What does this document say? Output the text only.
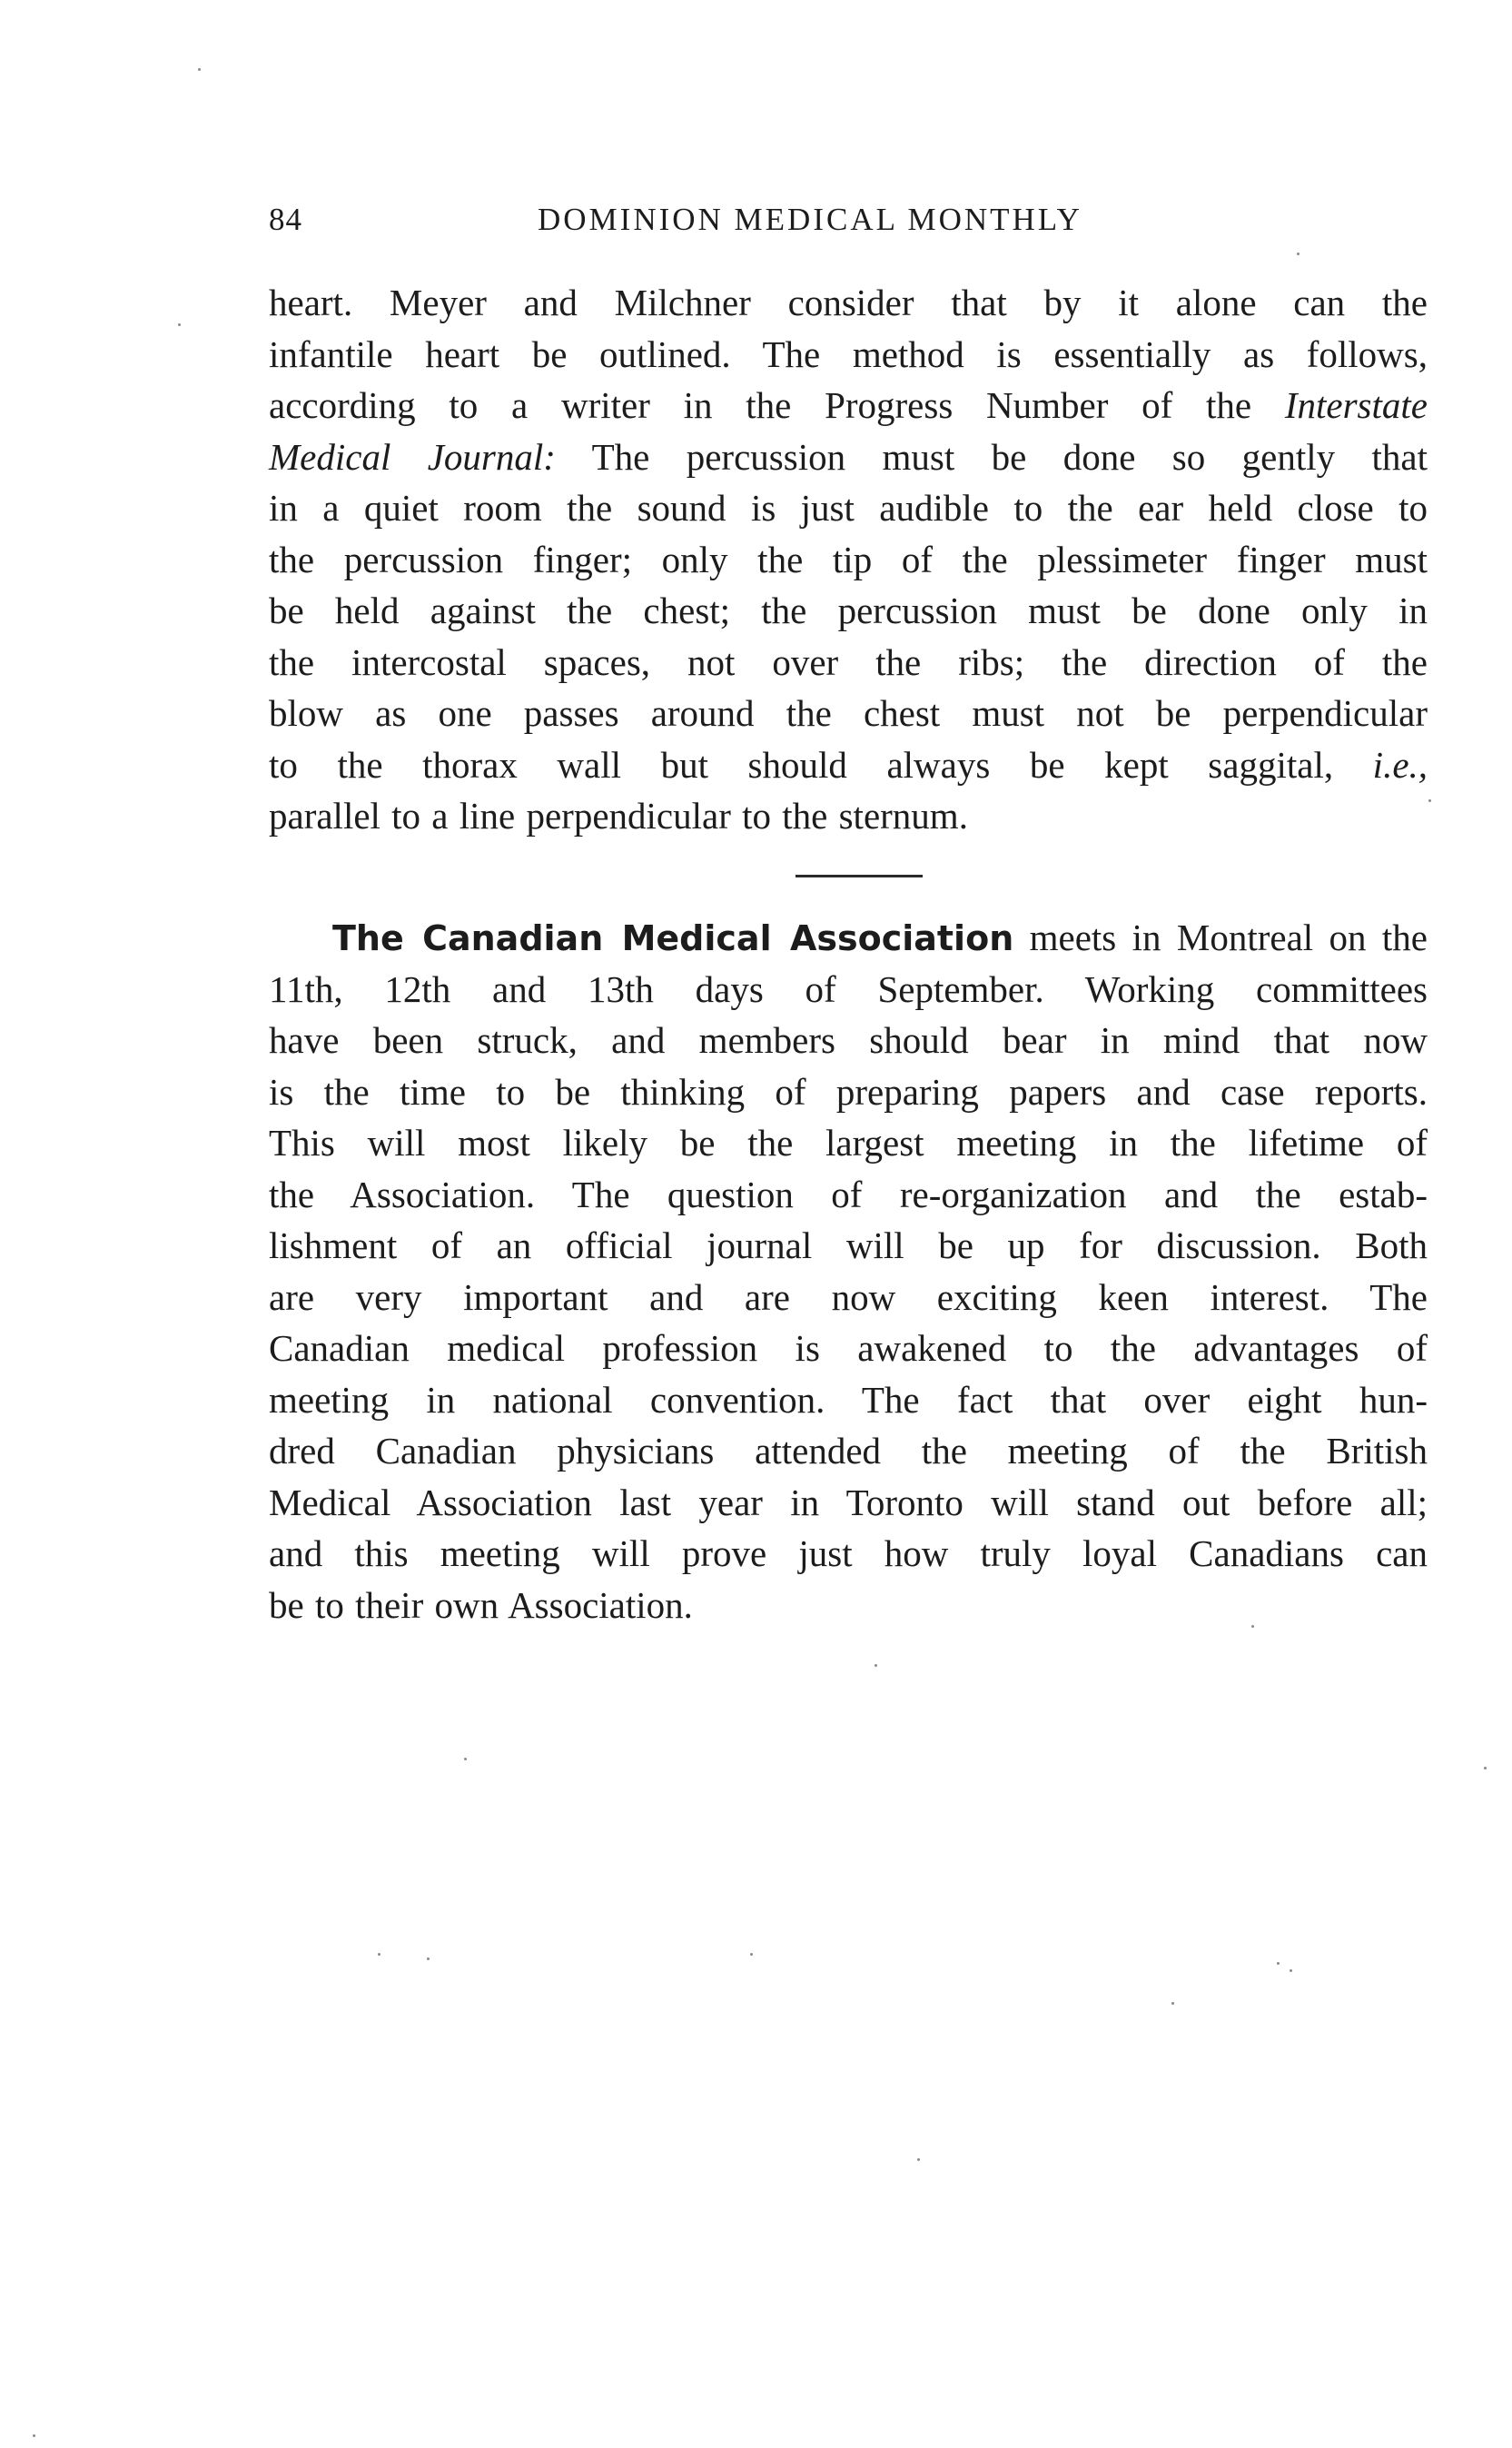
84	DOMINION MEDICAL MONTHLY
heart. Meyer and Milchner consider that by it alone can the
infantile heart be outlined. The method is essentially as follows,
according to a writer in the Progress Number of the Interstate
Medical Journal: The percussion must be done so gently that
in a quiet room the sound is just audible to the ear held close to
the percussion finger; only the tip of the plessimeter finger must
be held against the chest; the percussion must be done only in
the intercostal spaces, not over the ribs; the direction of the
blow as one passes around the chest must not be perpendicular
to the thorax wall but should always be kept saggital, i.e.,
parallel to a line perpendicular to the sternum.
The Canadian Medical Association meets in Montreal on the
11th, 12th and 13th days of September. Working committees
have been struck, and members should bear in mind that now
is the time to be thinking of preparing papers and case reports.
This will most likely be the largest meeting in the lifetime of
the Association. The question of re-organization and the estab-
lishment of an official journal will be up for discussion. Both
are very important and are now exciting keen interest. The
Canadian medical profession is awakened to the advantages of
meeting in national convention. The fact that over eight hun-
dred Canadian physicians attended the meeting of the British
Medical Association last year in Toronto will stand out before all;
and this meeting will prove just how truly loyal Canadians can
be to their own Association.
